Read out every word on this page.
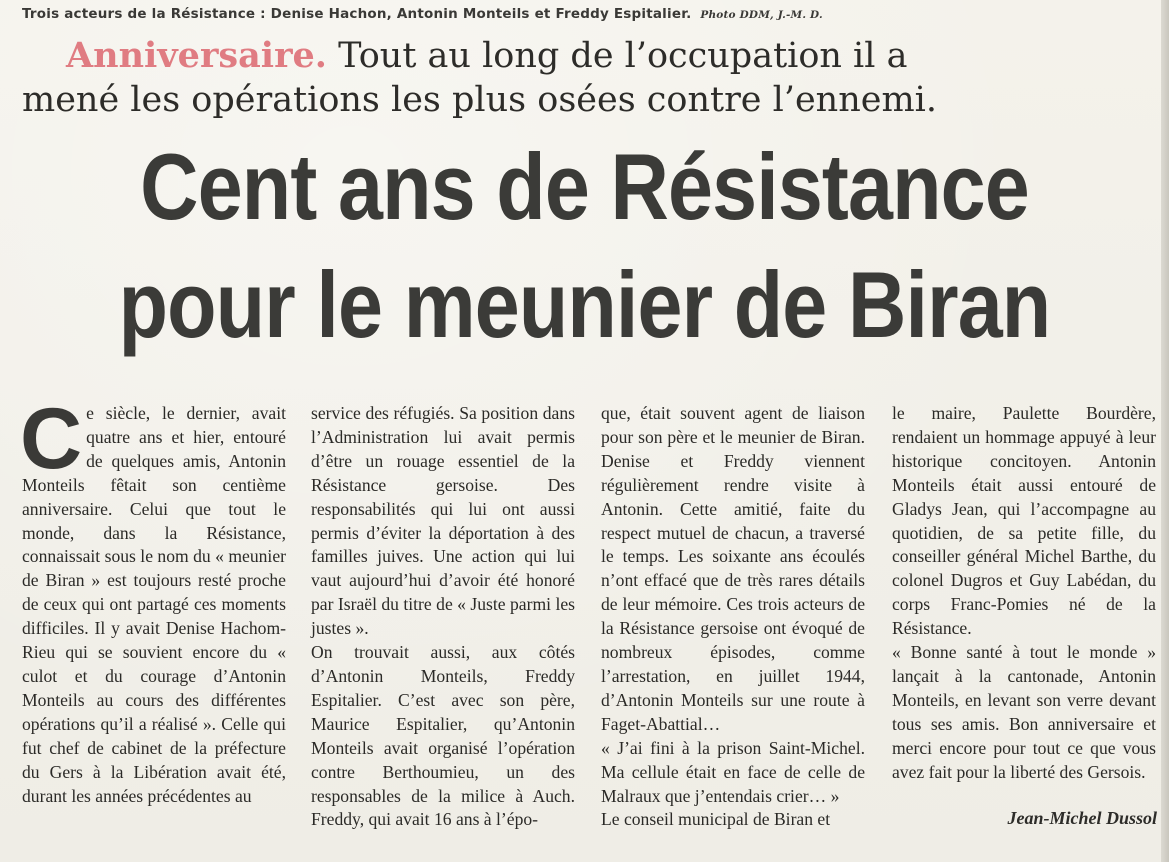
Trois acteurs de la Résistance : Denise Hachon, Antonin Monteils et Freddy Espitalier. Photo DDM, J.-M. D.
Anniversaire. Tout au long de l’occupation il a
mené les opérations les plus osées contre l’ennemi.
Cent ans de Résistance
pour le meunier de Biran

Ce siècle, le dernier, avait quatre ans et hier, entouré de quelques amis, Antonin Monteils fêtait son centième anniversaire. Celui que tout le monde, dans la Résistance, connaissait sous le nom du « meunier de Biran » est toujours resté proche de ceux qui ont partagé ces moments difficiles. Il y avait Denise Hachom-Rieu qui se souvient encore du « culot et du courage d’Antonin Monteils au cours des différentes opérations qu’il a réalisé ». Celle qui fut chef de cabinet de la préfecture du Gers à la Libération avait été, durant les années précédentes au

service des réfugiés. Sa position dans l’Administration lui avait permis d’être un rouage essentiel de la Résistance gersoise. Des responsabilités qui lui ont aussi permis d’éviter la déportation à des familles juives. Une action qui lui vaut aujourd’hui d’avoir été honoré par Israël du titre de « Juste parmi les justes ».

On trouvait aussi, aux côtés d’Antonin Monteils, Freddy Espitalier. C’est avec son père, Maurice Espitalier, qu’Antonin Monteils avait organisé l’opération contre Berthoumieu, un des responsables de la milice à Auch. Freddy, qui avait 16 ans à l’épo-

que, était souvent agent de liaison pour son père et le meunier de Biran. Denise et Freddy viennent régulièrement rendre visite à Antonin. Cette amitié, faite du respect mutuel de chacun, a traversé le temps. Les soixante ans écoulés n’ont effacé que de très rares détails de leur mémoire. Ces trois acteurs de la Résistance gersoise ont évoqué de nombreux épisodes, comme l’arrestation, en juillet 1944, d’Antonin Monteils sur une route à Faget-Abattial…

« J’ai fini à la prison Saint-Michel. Ma cellule était en face de celle de Malraux que j’entendais crier… »

Le conseil municipal de Biran et

le maire, Paulette Bourdère, rendaient un hommage appuyé à leur historique concitoyen. Antonin Monteils était aussi entouré de Gladys Jean, qui l’accompagne au quotidien, de sa petite fille, du conseiller général Michel Barthe, du colonel Dugros et Guy Labédan, du corps Franc-Pomies né de la Résistance.

« Bonne santé à tout le monde » lançait à la cantonade, Antonin Monteils, en levant son verre devant tous ses amis. Bon anniversaire et merci encore pour tout ce que vous avez fait pour la liberté des Gersois.

Jean-Michel Dussol
